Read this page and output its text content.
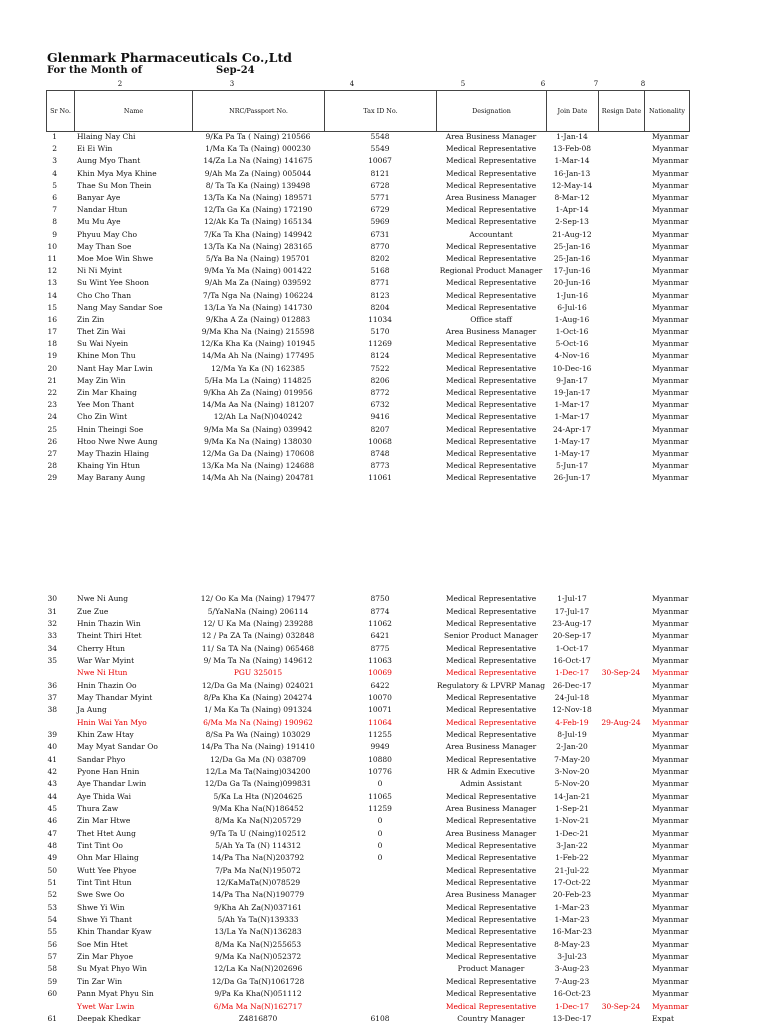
Glenmark Pharmaceuticals Co.,Ltd
For the Month of	Sep-24
2	3	4	5	6	7	8
Sr No.	Name	NRC/Passport No.	Tax ID No.	Designation	Join Date	Resign Date	Nationality
1	Hlaing Nay Chi	9/Ka Pa Ta ( Naing) 210566	5548	Area Business Manager	1-Jan-14		Myanmar
2	Ei Ei Win	1/Ma Ka Ta (Naing) 000230	5549	Medical Representative	13-Feb-08		Myanmar
3	Aung Myo Thant	14/Za La Na (Naing) 141675	10067	Medical Representative	1-Mar-14		Myanmar
4	Khin Mya Mya Khine	9/Ah Ma Za (Naing) 005044	8121	Medical Representative	16-Jan-13		Myanmar
5	Thae Su Mon Thein	8/ Ta Ta Ka (Naing) 139498	6728	Medical Representative	12-May-14		Myanmar
6	Banyar Aye	13/Ta Ka Na (Naing) 189571	5771	Area Business Manager	8-Mar-12		Myanmar
7	Nandar Htun	12/Ta Ga Ka (Naing) 172190	6729	Medical Representative	1-Apr-14		Myanmar
8	Mu Mu Aye	12/Ak Ka Ta (Naing) 165134	5969	Medical Representative	2-Sep-13		Myanmar
9	Phyuu May Cho	7/Ka Ta Kha (Naing) 149942	6731	Accountant	21-Aug-12		Myanmar
10	May Than Soe	13/Ta Ka Na (Naing) 283165	8770	Medical Representative	25-Jan-16		Myanmar
11	Moe Moe Win Shwe	5/Ya Ba Na (Naing) 195701	8202	Medical Representative	25-Jan-16		Myanmar
12	Ni Ni Myint	9/Ma Ya Ma (Naing) 001422	5168	Regional Product Manager	17-Jun-16		Myanmar
13	Su Wint Yee Shoon	9/Ah Ma Za (Naing) 039592	8771	Medical Representative	20-Jun-16		Myanmar
14	Cho Cho Than	7/Ta Nga Na (Naing) 106224	8123	Medical Representative	1-Jun-16		Myanmar
15	Nang May Sandar Soe	13/La Ya Na (Naing) 141730	8204	Medical Representative	6-Jul-16		Myanmar
16	Zin Zin	9/Kha A Za (Naing) 012883	11034	Office staff	1-Aug-16		Myanmar
17	Thet Zin Wai	9/Ma Kha Na (Naing) 215598	5170	Area Business Manager	1-Oct-16		Myanmar
18	Su Wai Nyein	12/Ka Kha Ka (Naing) 101945	11269	Medical Representative	5-Oct-16		Myanmar
19	Khine Mon Thu	14/Ma Ah Na (Naing) 177495	8124	Medical Representative	4-Nov-16		Myanmar
20	Nant Hay Mar Lwin	12/Ma Ya Ka (N) 162385	7522	Medical Representative	10-Dec-16		Myanmar
21	May Zin Win	5/Ha Ma La (Naing) 114825	8206	Medical Representative	9-Jan-17		Myanmar
22	Zin Mar Khaing	9/Kha Ah Za (Naing) 019956	8772	Medical Representative	19-Jan-17		Myanmar
23	Yee Mon Thant	14/Ma Aa Na (Naing) 181207	6732	Medical Representative	1-Mar-17		Myanmar
24	Cho Zin Wint	12/Ah La Na(N)040242	9416	Medical Representative	1-Mar-17		Myanmar
25	Hnin Theingi Soe	9/Ma Ma Sa (Naing) 039942	8207	Medical Representative	24-Apr-17		Myanmar
26	Htoo Nwe Nwe Aung	9/Ma Ka Na (Naing) 138030	10068	Medical Representative	1-May-17		Myanmar
27	May Thazin Hlaing	12/Ma Ga Da (Naing) 170608	8748	Medical Representative	1-May-17		Myanmar
28	Khaing Yin Htun	13/Ka Ma Na (Naing) 124688	8773	Medical Representative	5-Jun-17		Myanmar
29	May Barany Aung	14/Ma Ah Na (Naing) 204781	11061	Medical Representative	26-Jun-17		Myanmar
30	Nwe Ni Aung	12/ Oo Ka Ma (Naing) 179477	8750	Medical Representative	1-Jul-17		Myanmar
31	Zue Zue	5/YaNaNa (Naing) 206114	8774	Medical Representative	17-Jul-17		Myanmar
32	Hnin Thazin Win	12/ U Ka Ma (Naing) 239288	11062	Medical Representative	23-Aug-17		Myanmar
33	Theint Thiri Htet	12 / Pa ZA Ta (Naing) 032848	6421	Senior Product Manager	20-Sep-17		Myanmar
34	Cherry Htun	11/ Sa TA Na (Naing) 065468	8775	Medical Representative	1-Oct-17		Myanmar
35	War War Myint	9/ Ma Ta Na (Naing) 149612	11063	Medical Representative	16-Oct-17		Myanmar
	Nwe Ni Htun	PGU 325015	10069	Medical Representative	1-Dec-17	30-Sep-24	Myanmar
36	Hnin Thazin Oo	12/Da Ga Ma (Naing) 024021	6422	Regulatory & LPVRP Manag	26-Dec-17		Myanmar
37	May Thandar Myint	8/Pa Kha Ka (Naing) 204274	10070	Medical Representative	24-Jul-18		Myanmar
38	Ja Aung	1/ Ma Ka Ta (Naing) 091324	10071	Medical Representative	12-Nov-18		Myanmar
	Hnin Wai Yan Myo	6/Ma Ma Na (Naing) 190962	11064	Medical Representative	4-Feb-19	29-Aug-24	Myanmar
39	Khin Zaw Htay	8/Sa Pa Wa (Naing) 103029	11255	Medical Representative	8-Jul-19		Myanmar
40	May Myat Sandar Oo	14/Pa Tha Na (Naing) 191410	9949	Area Business Manager	2-Jan-20		Myanmar
41	Sandar Phyo	12/Da Ga Ma (N) 038709	10880	Medical Representative	7-May-20		Myanmar
42	Pyone Han Hnin	12/La Ma Ta(Naing)034200	10776	HR & Admin Executive	3-Nov-20		Myanmar
43	Aye Thandar Lwin	12/Da Ga Ta (Naing)099831	0	Admin Assistant	5-Nov-20		Myanmar
44	Aye Thida Wai	5/Ka La Hta (N)204625	11065	Medical Representative	14-Jan-21		Myanmar
45	Thura Zaw	9/Ma Kha Na(N)186452	11259	Area Business Manager	1-Sep-21		Myanmar
46	Zin Mar Htwe	8/Ma Ka Na(N)205729	0	Medical Representative	1-Nov-21		Myanmar
47	Thet Htet Aung	9/Ta Ta U (Naing)102512	0	Area Business Manager	1-Dec-21		Myanmar
48	Tint Tint Oo	5/Ah Ya Ta (N) 114312	0	Medical Representative	3-Jan-22		Myanmar
49	Ohn Mar Hlaing	14/Pa Tha Na(N)203792	0	Medical Representative	1-Feb-22		Myanmar
50	Wutt Yee Phyoe	7/Pa Ma Na(N)195072		Medical Representative	21-Jul-22		Myanmar
51	Tint Tint Htun	12/KaMaTa(N)078529		Medical Representative	17-Oct-22		Myanmar
52	Swe Swe Oo	14/Pa Tha Na(N)190779		Area Business Manager	20-Feb-23		Myanmar
53	Shwe Yi Win	9/Kha Ah Za(N)037161		Medical Representative	1-Mar-23		Myanmar
54	Shwe Yi Thant	5/Ah Ya Ta(N)139333		Medical Representative	1-Mar-23		Myanmar
55	Khin Thandar Kyaw	13/La Ya Na(N)136283		Medical Representative	16-Mar-23		Myanmar
56	Soe Min Htet	8/Ma Ka Na(N)255653		Medical Representative	8-May-23		Myanmar
57	Zin Mar Phyoe	9/Ma Ka Na(N)052372		Medical Representative	3-Jul-23		Myanmar
58	Su Myat Phyo Win	12/La Ka Na(N)202696		Product Manager	3-Aug-23		Myanmar
59	Tin Zar Win	12/Da Ga Ta(N)1061728		Medical Representative	7-Aug-23		Myanmar
60	Pann Myat Phyu Sin	9/Pa Ka Kha(N)051112		Medical Representative	16-Oct-23		Myanmar
	Ywet War Lwin	6/Ma Ma Na(N)162717		Medical Representative	1-Dec-17	30-Sep-24	Myanmar
61	Deepak Khedkar	Z4816870	6108	Country Manager	13-Dec-17		Expat
